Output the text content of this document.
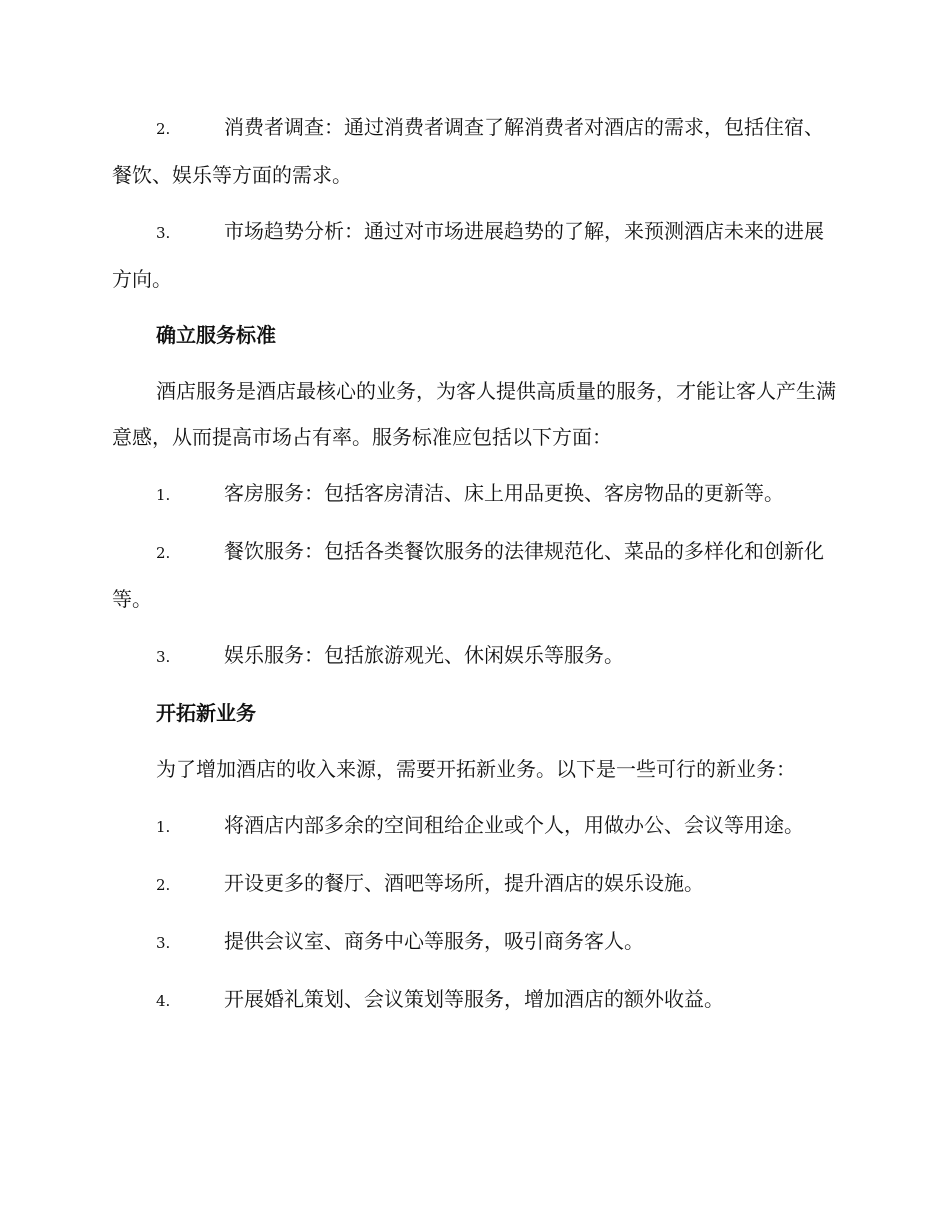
2.	消费者调查：通过消费者调查了解消费者对酒店的需求，包括住宿、餐饮、娱乐等方面的需求。

3.	市场趋势分析：通过对市场进展趋势的了解，来预测酒店未来的进展方向。

确立服务标准

酒店服务是酒店最核心的业务，为客人提供高质量的服务，才能让客人产生满意感，从而提高市场占有率。服务标准应包括以下方面：

1.	客房服务：包括客房清洁、床上用品更换、客房物品的更新等。

2.	餐饮服务：包括各类餐饮服务的法律规范化、菜品的多样化和创新化等。

3.	娱乐服务：包括旅游观光、休闲娱乐等服务。

开拓新业务

为了增加酒店的收入来源，需要开拓新业务。以下是一些可行的新业务：

1.	将酒店内部多余的空间租给企业或个人，用做办公、会议等用途。

2.	开设更多的餐厅、酒吧等场所，提升酒店的娱乐设施。

3.	提供会议室、商务中心等服务，吸引商务客人。

4.	开展婚礼策划、会议策划等服务，增加酒店的额外收益。
